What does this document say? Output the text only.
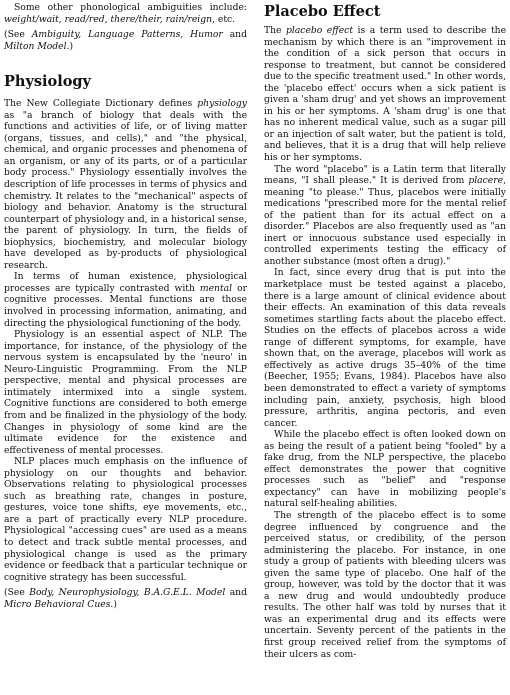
Some other phonological ambiguities include: weight/wait, read/red, there/their, rain/reign, etc.

(See Ambiguity, Language Patterns, Humor and Milton Model.)

Physiology

The New Collegiate Dictionary defines physiology as "a branch of biology that deals with the functions and activities of life, or of living matter (organs, tissues, and cells)," and "the physical, chemical, and organic processes and phenomena of an organism, or any of its parts, or of a particular body process." Physiology essentially involves the description of life processes in terms of physics and chemistry. It relates to the "mechanical" aspects of biology and behavior. Anatomy is the structural counterpart of physiology and, in a historical sense, the parent of physiology. In turn, the fields of biophysics, biochemistry, and molecular biology have developed as by-products of physiological research.

In terms of human existence, physiological processes are typically contrasted with mental or cognitive processes. Mental functions are those involved in processing information, animating, and directing the physiological functioning of the body.

Physiology is an essential aspect of NLP. The importance, for instance, of the physiology of the nervous system is encapsulated by the 'neuro' in Neuro-Linguistic Programming. From the NLP perspective, mental and physical processes are intimately intermixed into a single system. Cognitive functions are considered to both emerge from and be finalized in the physiology of the body. Changes in physiology of some kind are the ultimate evidence for the existence and effectiveness of mental processes.

NLP places much emphasis on the influence of physiology on our thoughts and behavior. Observations relating to physiological processes such as breathing rate, changes in posture, gestures, voice tone shifts, eye movements, etc., are a part of practically every NLP procedure. Physiological "accessing cues" are used as a means to detect and track subtle mental processes, and physiological change is used as the primary evidence or feedback that a particular technique or cognitive strategy has been successful.

(See Body, Neurophysiology, B.A.G.E.L. Model and Micro Behavioral Cues.)

Placebo Effect

The placebo effect is a term used to describe the mechanism by which there is an "improvement in the condition of a sick person that occurs in response to treatment, but cannot be considered due to the specific treatment used." In other words, the 'placebo effect' occurs when a sick patient is given a 'sham drug' and yet shows an improvement in his or her symptoms. A 'sham drug' is one that has no inherent medical value, such as a sugar pill or an injection of salt water, but the patient is told, and believes, that it is a drug that will help relieve his or her symptoms.

The word "placebo" is a Latin term that literally means, "I shall please." It is derived from placere, meaning "to please." Thus, placebos were initially medications "prescribed more for the mental relief of the patient than for its actual effect on a disorder." Placebos are also frequently used as "an inert or innocuous substance used especially in controlled experiments testing the efficacy of another substance (most often a drug)."

In fact, since every drug that is put into the marketplace must be tested against a placebo, there is a large amount of clinical evidence about their effects. An examination of this data reveals sometimes startling facts about the placebo effect. Studies on the effects of placebos across a wide range of different symptoms, for example, have shown that, on the average, placebos will work as effectively as active drugs 35–40% of the time (Beecher, 1955; Evans, 1984). Placebos have also been demonstrated to effect a variety of symptoms including pain, anxiety, psychosis, high blood pressure, arthritis, angina pectoris, and even cancer.

While the placebo effect is often looked down on as being the result of a patient being "fooled" by a fake drug, from the NLP perspective, the placebo effect demonstrates the power that cognitive processes such as "belief" and "response expectancy" can have in mobilizing people's natural self-healing abilities.

The strength of the placebo effect is to some degree influenced by congruence and the perceived status, or credibility, of the person administering the placebo. For instance, in one study a group of patients with bleeding ulcers was given the same type of placebo. One half of the group, however, was told by the doctor that it was a new drug and would undoubtedly produce results. The other half was told by nurses that it was an experimental drug and its effects were uncertain. Seventy percent of the patients in the first group received relief from the symptoms of their ulcers as com-
